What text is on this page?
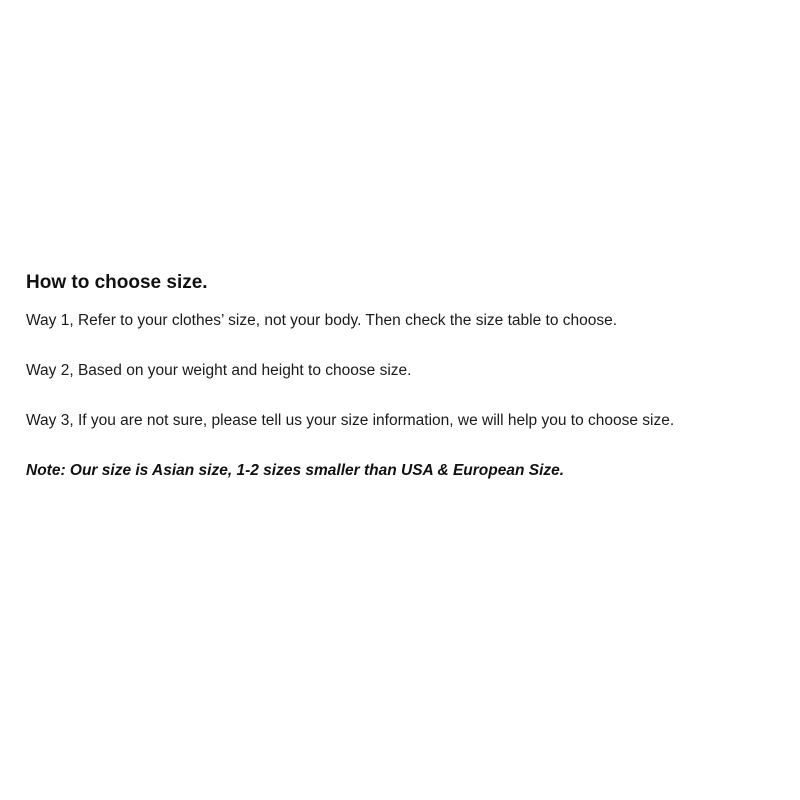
How to choose size.
Way 1, Refer to your clothes’ size, not your body. Then check the size table to choose.
Way 2, Based on your weight and height to choose size.
Way 3, If you are not sure, please tell us your size information, we will help you to choose size.
Note: Our size is Asian size, 1-2 sizes smaller than USA & European Size.
